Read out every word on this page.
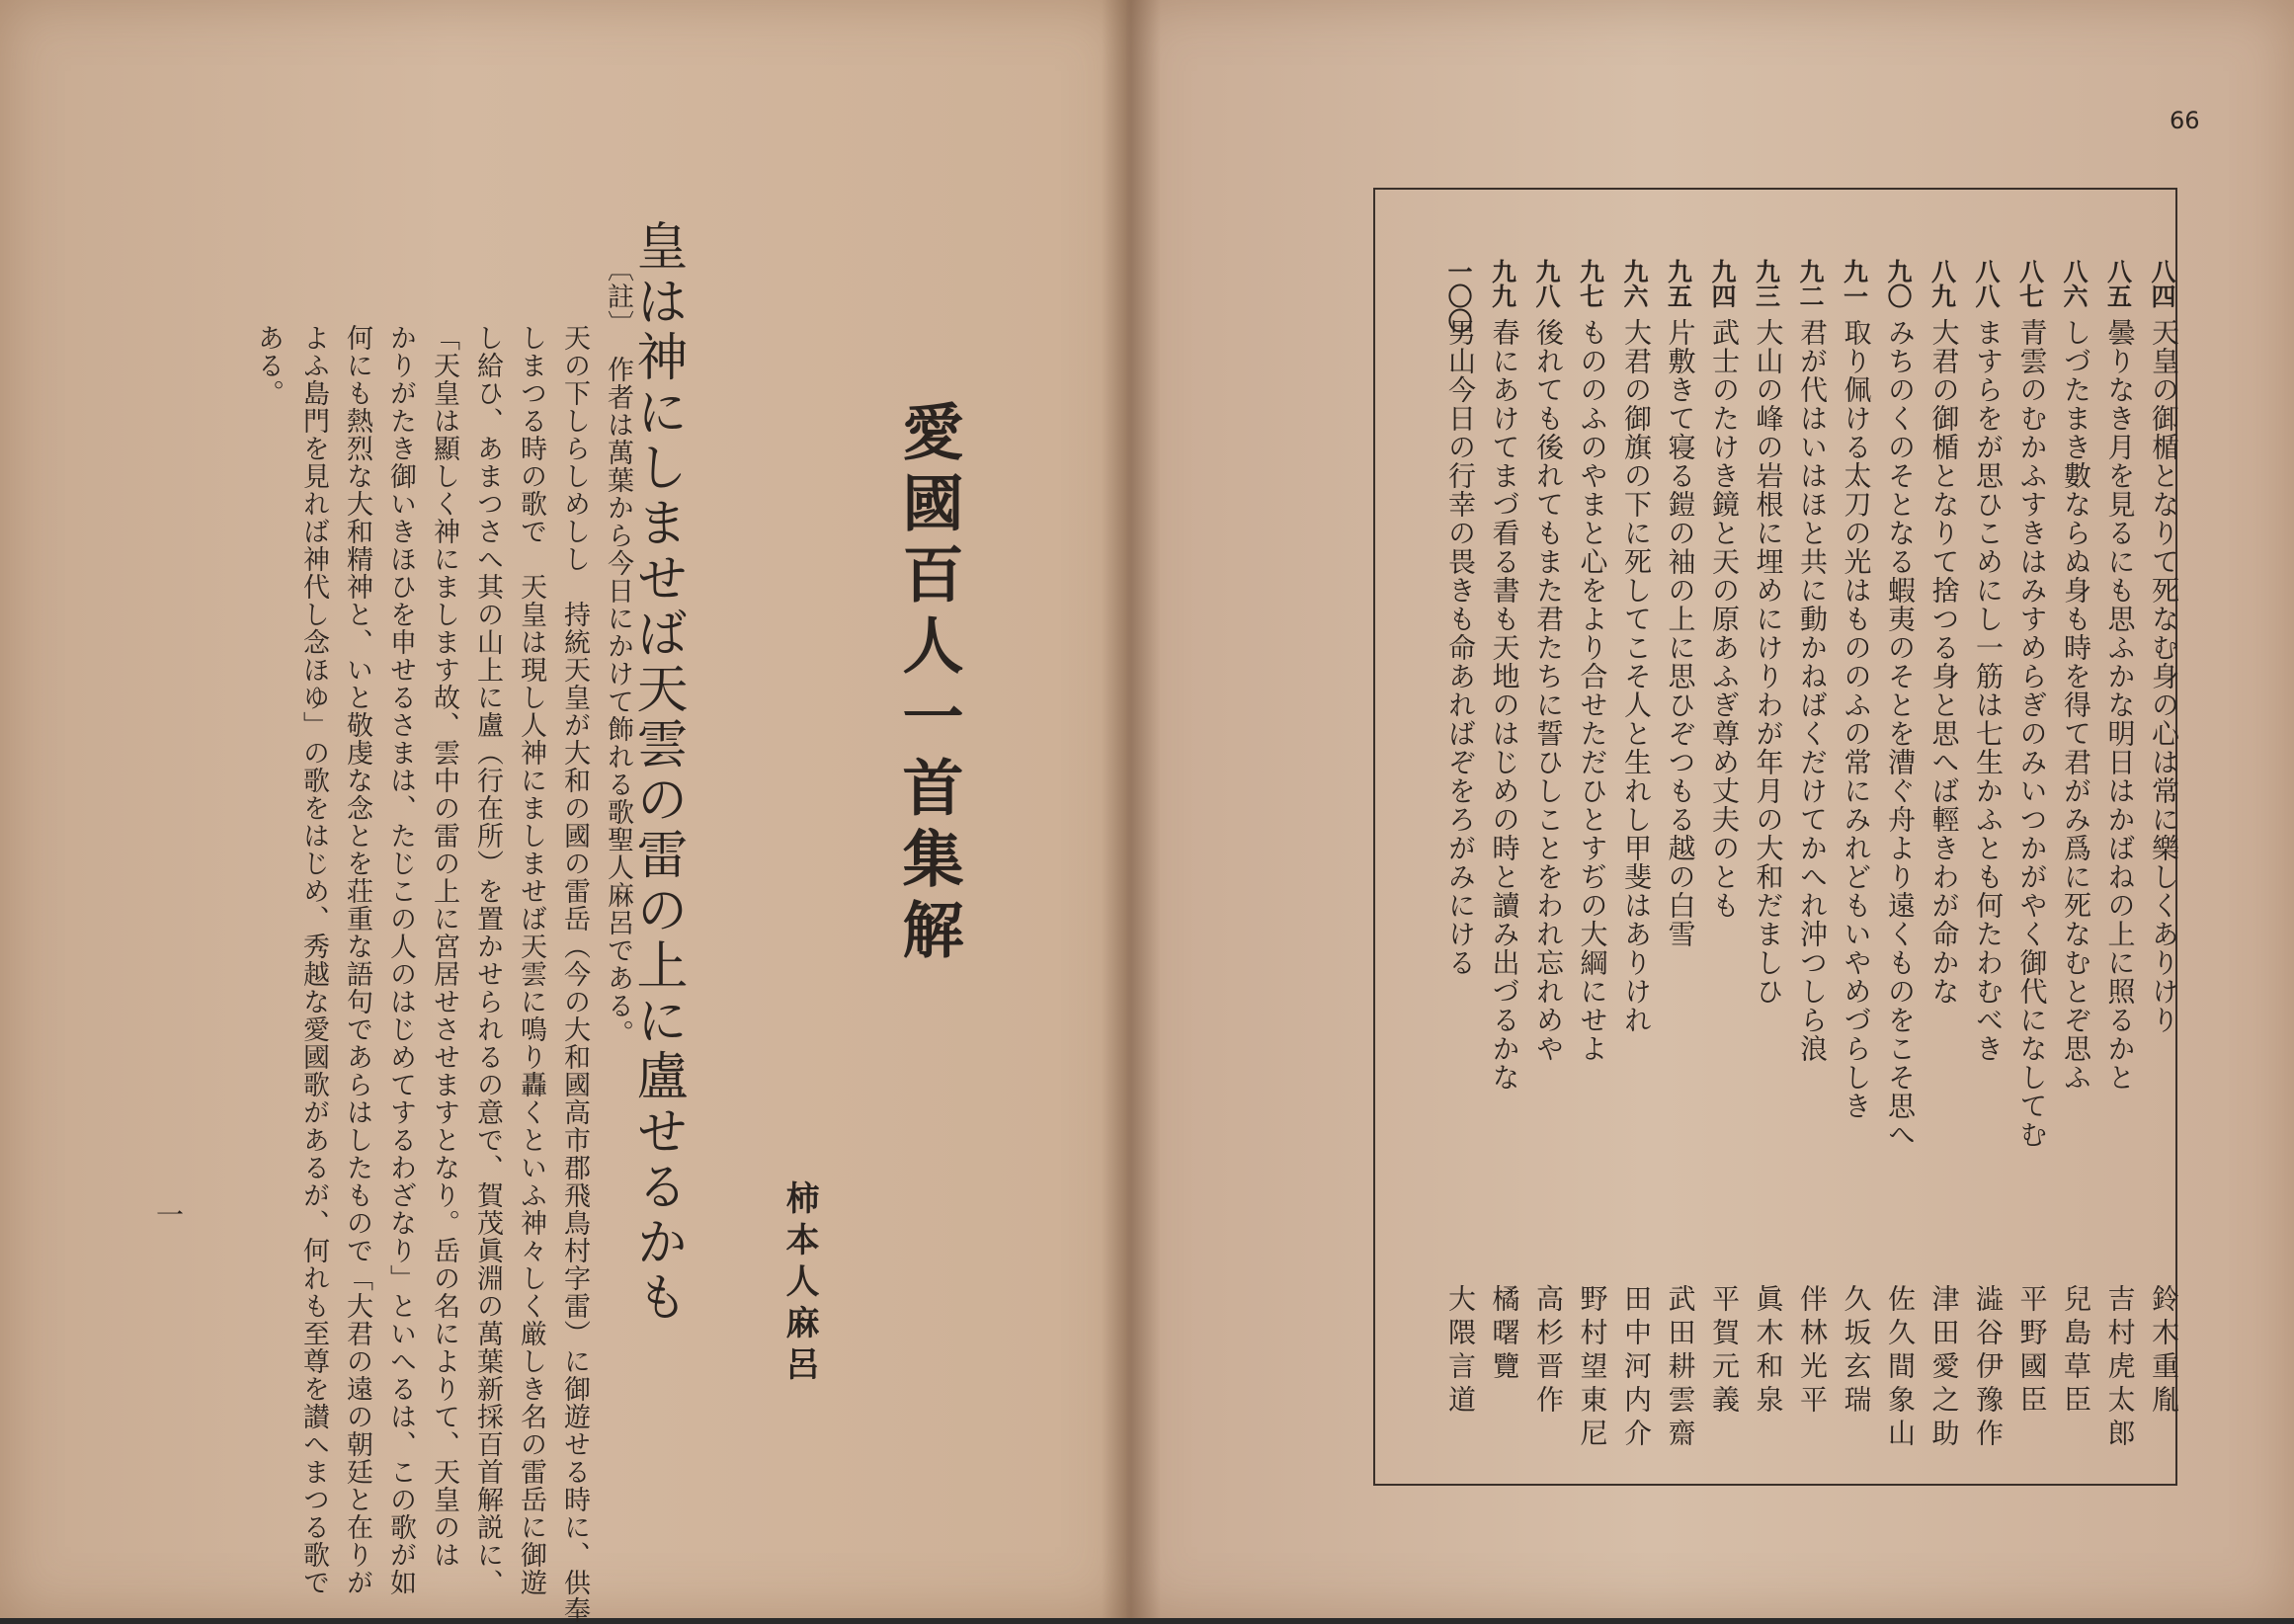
愛國百人一首集解
皇は神にしませば天雲の雷の上に盧せるかも	柿本人麻呂
〔註〕
作者は萬葉から今日にかけて飾れる歌聖人麻呂である。
天の下しらしめしし　持統天皇が大和の國の雷岳（今の大和國高市郡飛鳥村字雷）に御遊せる時に、供奉
しまつる時の歌で　天皇は現し人神にましませば天雲に鳴り轟くといふ神々しく厳しき名の雷岳に御遊
し給ひ、あまつさへ其の山上に盧（行在所）を置かせられるの意で、賀茂眞淵の萬葉新採百首解説に、
「天皇は顯しく神にまします故、雲中の雷の上に宮居せさせますとなり。岳の名によりて、天皇のは
かりがたき御いきほひを申せるさまは、たじこの人のはじめてするわざなり」といへるは、この歌が如
何にも熱烈な大和精神と、いと敬虔な念とを荘重な語句であらはしたもので「大君の遠の朝廷と在りが
よふ島門を見れば神代し念ほゆ」の歌をはじめ、秀越な愛國歌があるが、何れも至尊を讃へまつる歌で
ある。
一
66
八四
天皇の御楯となりて死なむ身の心は常に樂しくありけり
鈴木重胤
八五
曇りなき月を見るにも思ふかな明日はかばねの上に照るかと
吉村虎太郎
八六
しづたまき數ならぬ身も時を得て君がみ爲に死なむとぞ思ふ
兒島草臣
八七
青雲のむかふすきはみすめらぎのみいつかがやく御代になしてむ
平野國臣
八八
ますらをが思ひこめにし一筋は七生かふとも何たわむべき
澁谷伊豫作
八九
大君の御楯となりて捨つる身と思へば輕きわが命かな
津田愛之助
九〇
みちのくのそとなる蝦夷のそとを漕ぐ舟より遠くものをこそ思へ
佐久間象山
九一
取り佩ける太刀の光はもののふの常にみれどもいやめづらしき
久坂玄瑞
九二
君が代はいはほと共に動かねばくだけてかへれ沖つしら浪
伴林光平
九三
大山の峰の岩根に埋めにけりわが年月の大和だましひ
眞木和泉
九四
武士のたけき鏡と天の原あふぎ尊め丈夫のとも
平賀元義
九五
片敷きて寝る鎧の袖の上に思ひぞつもる越の白雪
武田耕雲齋
九六
大君の御旗の下に死してこそ人と生れし甲斐はありけれ
田中河内介
九七
もののふのやまと心をより合せただひとすぢの大綱にせよ
野村望東尼
九八
後れても後れてもまた君たちに誓ひしことをわれ忘れめや
高杉晋作
九九
春にあけてまづ看る書も天地のはじめの時と讀み出づるかな
橘曙覽
一〇〇
男山今日の行幸の畏きも命あればぞをろがみにける
大隈言道
